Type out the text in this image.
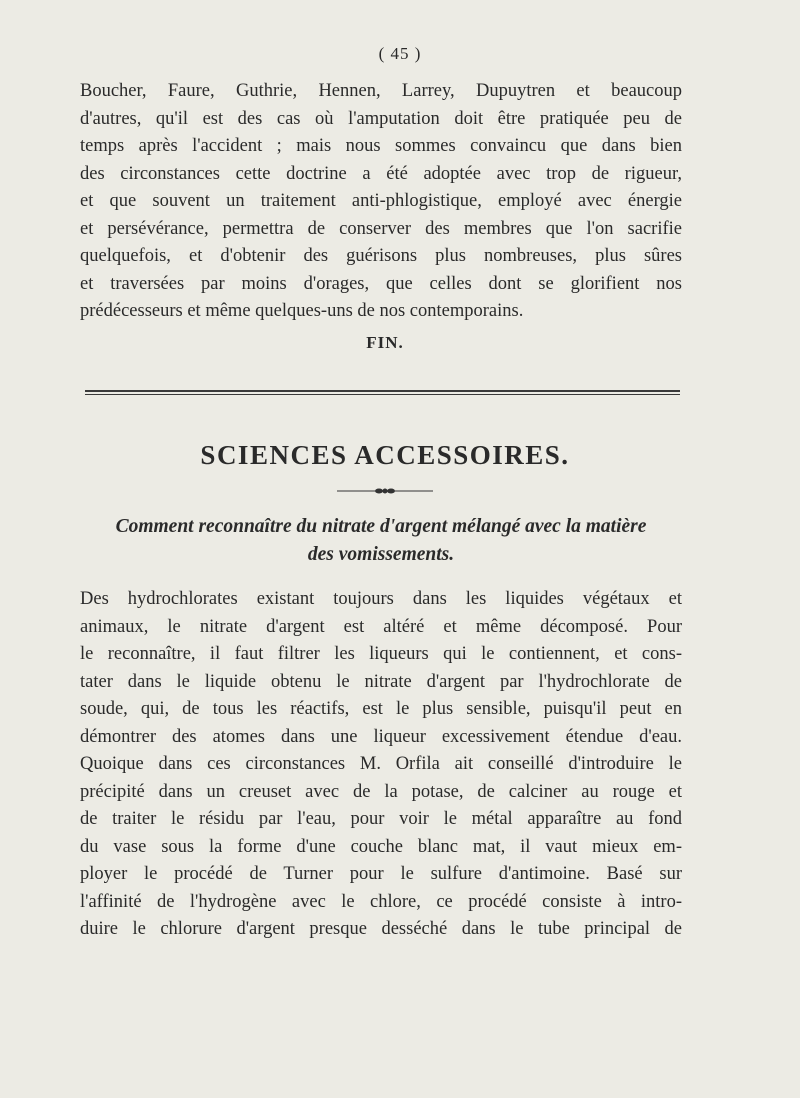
( 45 )
Boucher, Faure, Guthrie, Hennen, Larrey, Dupuytren et beaucoup
d'autres, qu'il est des cas où l'amputation doit être pratiquée peu de
temps après l'accident ; mais nous sommes convaincu que dans bien
des circonstances cette doctrine a été adoptée avec trop de rigueur,
et que souvent un traitement anti-phlogistique, employé avec énergie
et persévérance, permettra de conserver des membres que l'on sacrifie
quelquefois, et d'obtenir des guérisons plus nombreuses, plus sûres
et traversées par moins d'orages, que celles dont se glorifient nos
prédécesseurs et même quelques-uns de nos contemporains.
FIN.
SCIENCES ACCESSOIRES.
Comment reconnaître du nitrate d'argent mélangé avec la matière
des vomissements.
Des hydrochlorates existant toujours dans les liquides végétaux et
animaux, le nitrate d'argent est altéré et même décomposé. Pour
le reconnaître, il faut filtrer les liqueurs qui le contiennent, et cons-
tater dans le liquide obtenu le nitrate d'argent par l'hydrochlorate de
soude, qui, de tous les réactifs, est le plus sensible, puisqu'il peut en
démontrer des atomes dans une liqueur excessivement étendue d'eau.
Quoique dans ces circonstances M. Orfila ait conseillé d'introduire le
précipité dans un creuset avec de la potase, de calciner au rouge et
de traiter le résidu par l'eau, pour voir le métal apparaître au fond
du vase sous la forme d'une couche blanc mat, il vaut mieux em-
ployer le procédé de Turner pour le sulfure d'antimoine. Basé sur
l'affinité de l'hydrogène avec le chlore, ce procédé consiste à intro-
duire le chlorure d'argent presque desséché dans le tube principal de
